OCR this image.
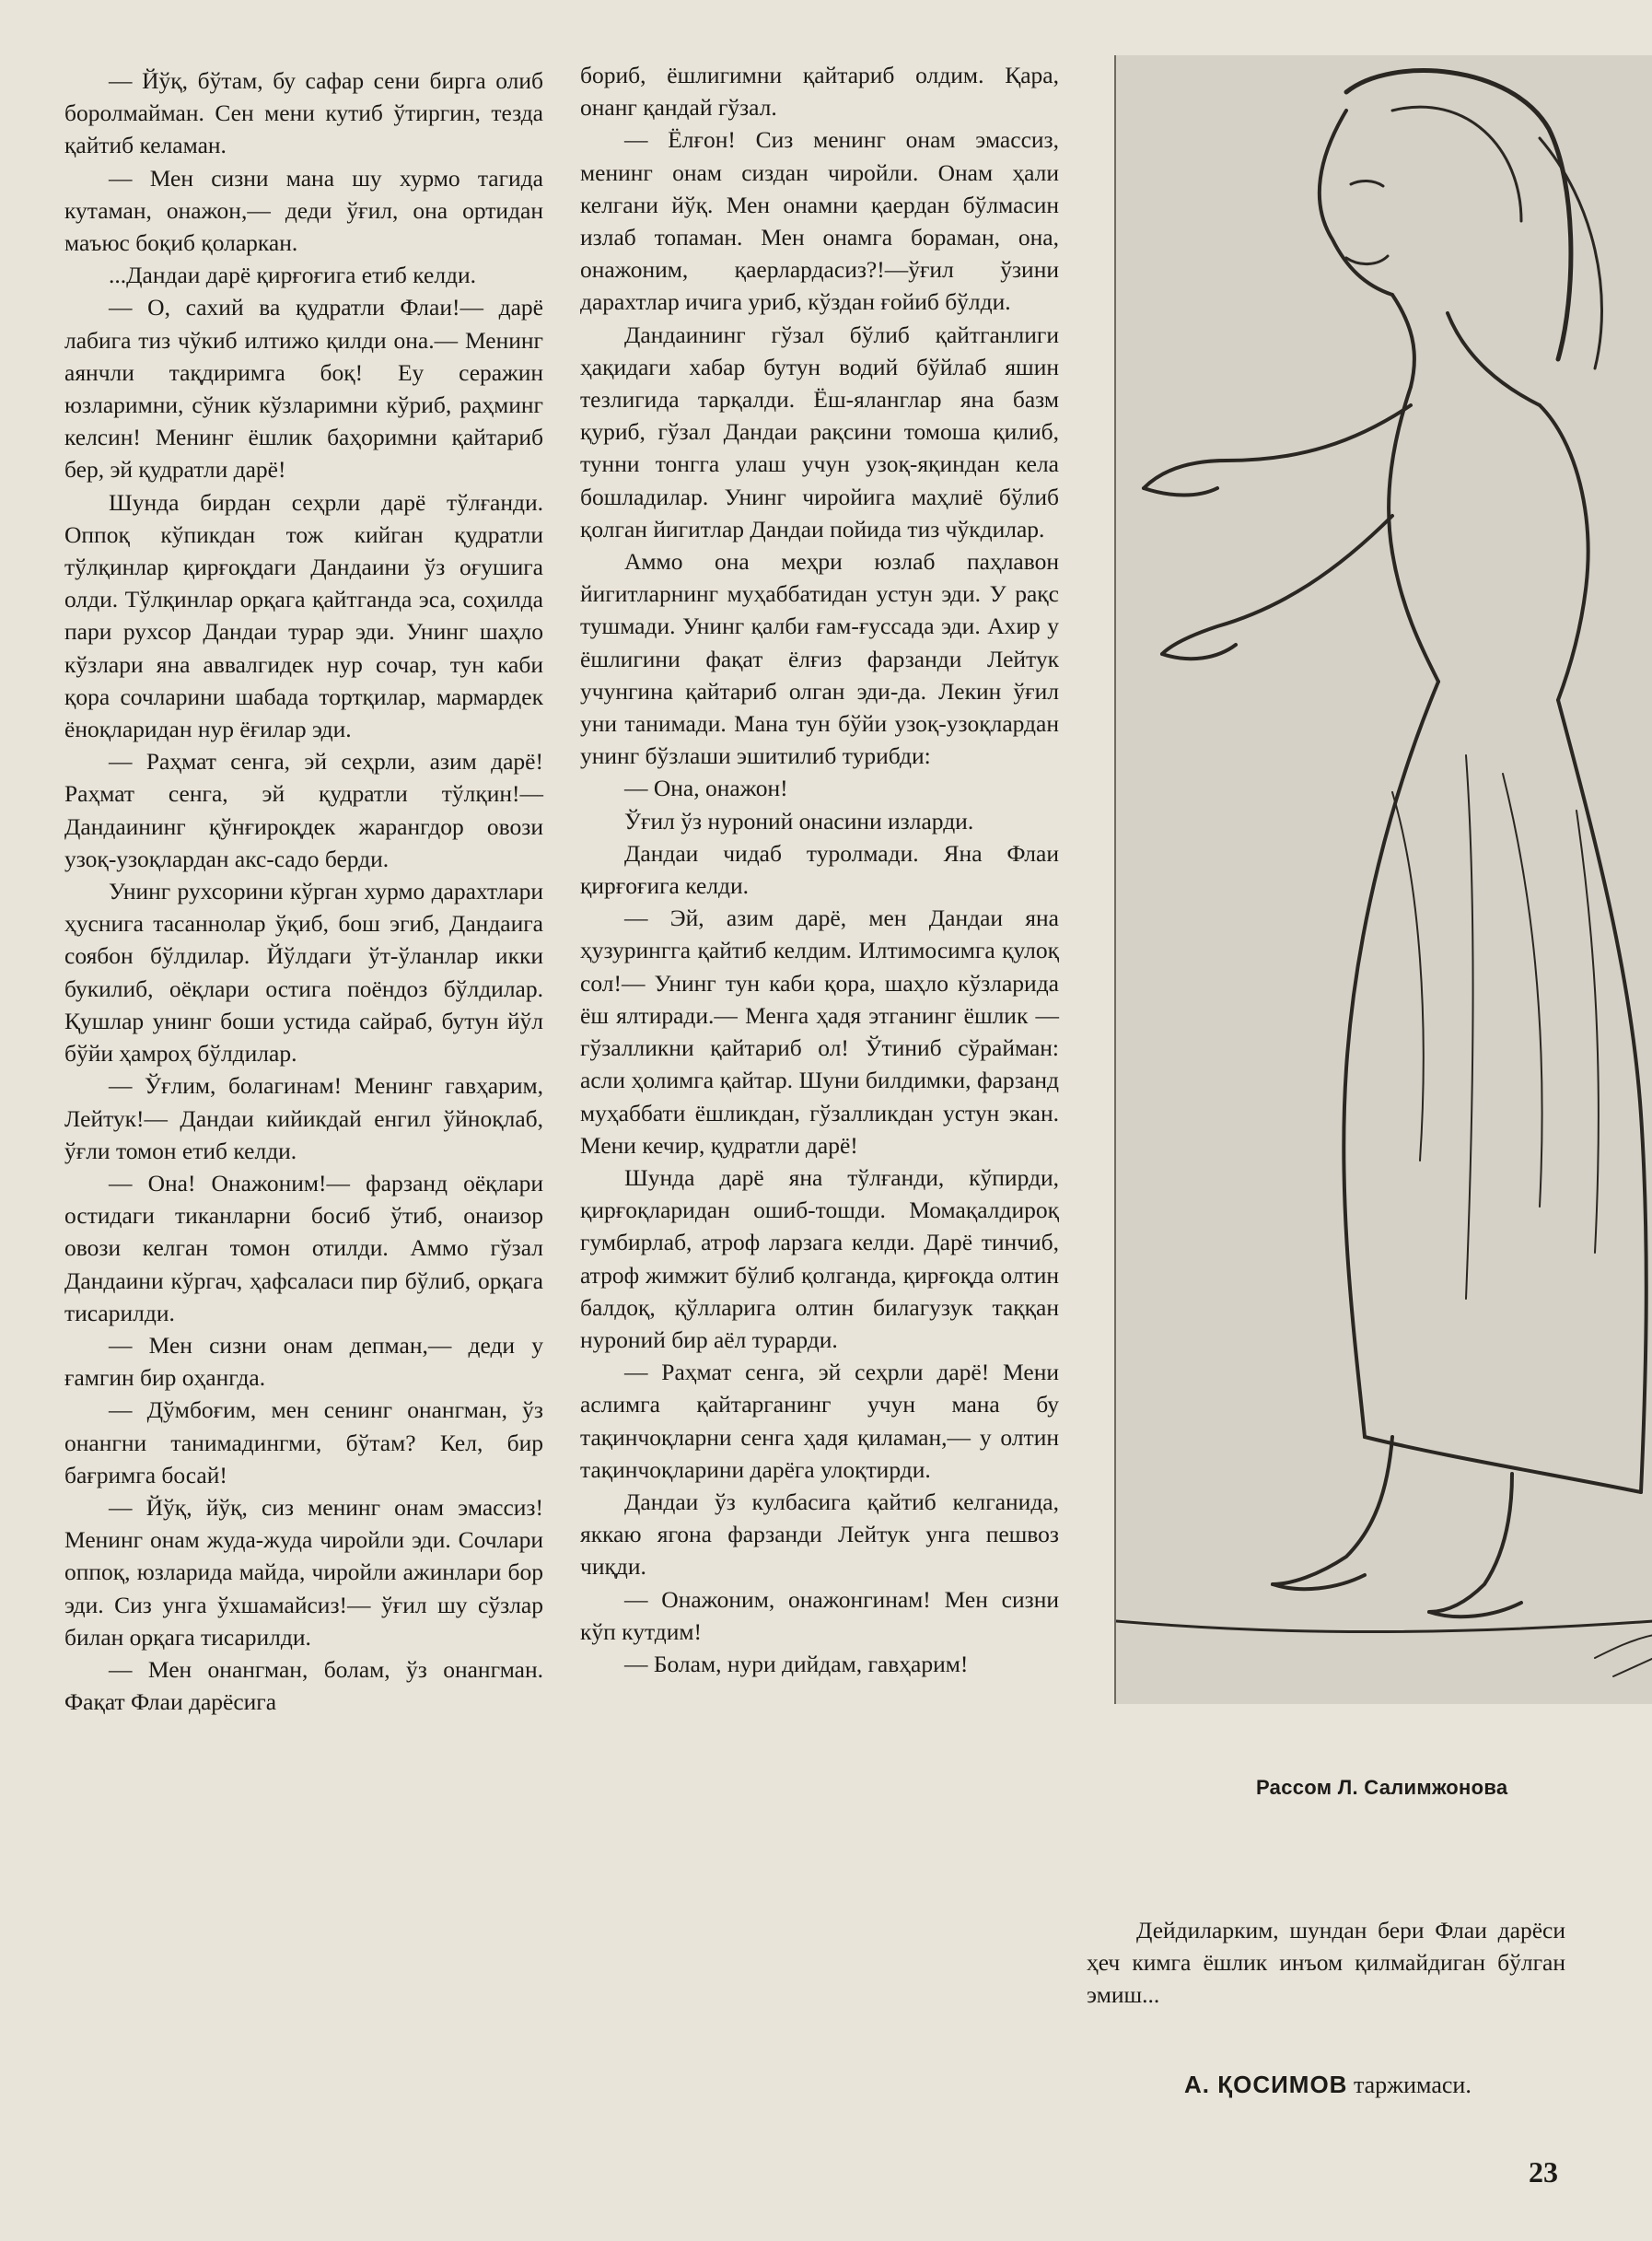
— Йўқ, бўтам, бу сафар сени бирга олиб боролмайман. Сен мени кутиб ўтиргин, тезда қайтиб келаман.

— Мен сизни мана шу хурмо тагида кутаман, онажон,— деди ўғил, она ортидан маъюс боқиб қоларкан.

...Дандаи дарё қирғоғига етиб келди.

— О, сахий ва қудратли Флаи!— дарё лабига тиз чўкиб илтижо қилди она.— Менинг аянчли тақдиримга боқ! Еу серажин юзларимни, сўник кўзларимни кўриб, раҳминг келсин! Менинг ёшлик баҳоримни қайтариб бер, эй қудратли дарё!

Шунда бирдан сеҳрли дарё тўлғанди. Оппоқ кўпикдан тож кийган қудратли тўлқинлар қирғоқдаги Дандаини ўз оғушига олди. Тўлқинлар орқага қайтганда эса, соҳилда пари рухсор Дандаи турар эди. Унинг шаҳло кўзлари яна аввалгидек нур сочар, тун каби қора сочларини шабада тортқилар, мармардек ёноқларидан нур ёғилар эди.

— Раҳмат сенга, эй сеҳрли, азим дарё! Раҳмат сенга, эй қудратли тўлқин!— Дандаининг қўнғироқдек жарангдор овози узоқ-узоқлардан акс-садо берди.

Унинг рухсорини кўрган хурмо дарахтлари ҳуснига тасаннолар ўқиб, бош эгиб, Дандаига соябон бўлдилар. Йўлдаги ўт-ўланлар икки букилиб, оёқлари остига поёндоз бўлдилар. Қушлар унинг боши устида сайраб, бутун йўл бўйи ҳамроҳ бўлдилар.

— Ўғлим, болагинам! Менинг гавҳарим, Лейтук!— Дандаи кийикдай енгил ўйноқлаб, ўғли томон етиб келди.

— Она! Онажоним!— фарзанд оёқлари остидаги тиканларни босиб ўтиб, онаизор овози келган томон отилди. Аммо гўзал Дандаини кўргач, ҳафсаласи пир бўлиб, орқага тисарилди.

— Мен сизни онам депман,— деди у ғамгин бир оҳангда.

— Дўмбоғим, мен сенинг онангман, ўз онангни танимадингми, бўтам? Кел, бир бағримга босай!

— Йўқ, йўқ, сиз менинг онам эмассиз! Менинг онам жуда-жуда чиройли эди. Сочлари оппоқ, юзларида майда, чиройли ажинлари бор эди. Сиз унга ўхшамайсиз!— ўғил шу сўзлар билан орқага тисарилди.

— Мен онангман, болам, ўз онангман. Фақат Флаи дарёсига

бориб, ёшлигимни қайтариб олдим. Қара, онанг қандай гўзал.

— Ёлғон! Сиз менинг онам эмассиз, менинг онам сиздан чиройли. Онам ҳали келгани йўқ. Мен онамни қаердан бўлмасин излаб топаман. Мен онамга бораман, она, онажоним, қаерлардасиз?!—ўғил ўзини дарахтлар ичига уриб, кўздан ғойиб бўлди.

Дандаининг гўзал бўлиб қайтганлиги ҳақидаги хабар бутун водий бўйлаб яшин тезлигида тарқалди. Ёш-яланглар яна базм қуриб, гўзал Дандаи рақсини томоша қилиб, тунни тонгга улаш учун узоқ-яқиндан кела бошладилар. Унинг чиройига маҳлиё бўлиб қолган йигитлар Дандаи пойида тиз чўкдилар.

Аммо она меҳри юзлаб паҳлавон йигитларнинг муҳаббатидан устун эди. У рақс тушмади. Унинг қалби ғам-ғуссада эди. Ахир у ёшлигини фақат ёлғиз фарзанди Лейтук учунгина қайтариб олган эди-да. Лекин ўғил уни танимади. Мана тун бўйи узоқ-узоқлардан унинг бўзлаши эшитилиб турибди:

— Она, онажон!

Ўғил ўз нуроний онасини изларди.

Дандаи чидаб туролмади. Яна Флаи қирғоғига келди.

— Эй, азим дарё, мен Дандаи яна ҳузурингга қайтиб келдим. Илтимосимга қулоқ сол!— Унинг тун каби қора, шаҳло кўзларида ёш ялтиради.— Менга ҳадя этганинг ёшлик — гўзалликни қайтариб ол! Ўтиниб сўрайман: асли ҳолимга қайтар. Шуни билдимки, фарзанд муҳаббати ёшликдан, гўзалликдан устун экан. Мени кечир, қудратли дарё!

Шунда дарё яна тўлғанди, кўпирди, қирғоқларидан ошиб-тошди. Момақалдироқ гумбирлаб, атроф ларзага келди. Дарё тинчиб, атроф жимжит бўлиб қолганда, қирғоқда олтин балдоқ, қўлларига олтин билагузук таққан нуроний бир аёл турарди.

— Раҳмат сенга, эй сеҳрли дарё! Мени аслимга қайтарганинг учун мана бу тақинчоқларни сенга ҳадя қиламан,— у олтин тақинчоқларини дарёга улоқтирди.

Дандаи ўз кулбасига қайтиб келганида, яккаю ягона фарзанди Лейтук унга пешвоз чиқди.

— Онажоним, онажонгинам! Мен сизни кўп кутдим!

— Болам, нури дийдам, гавҳарим!

Рассом Л. Салимжонова

Дейдиларким, шундан бери Флаи дарёси ҳеч кимга ёшлик инъом қилмайдиган бўлган эмиш...

А. ҚОСИМОВ таржимаси.
23
